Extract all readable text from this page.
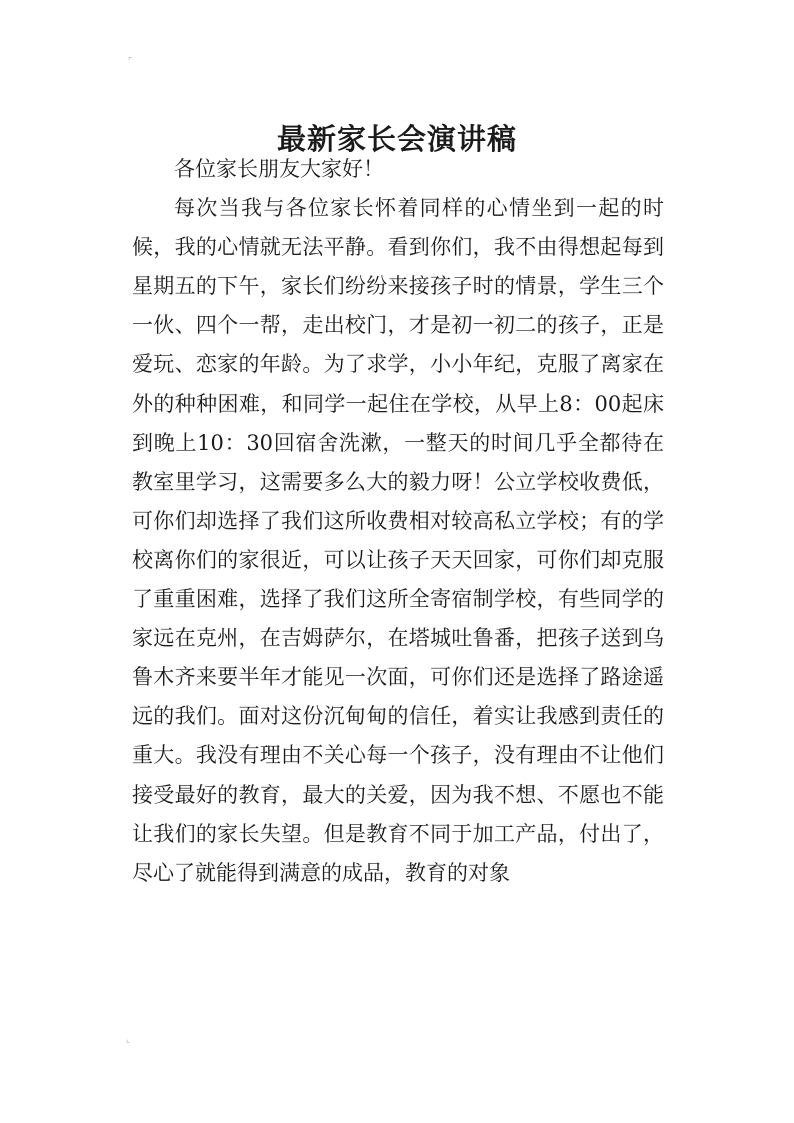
⌜
⌞
最新家长会演讲稿

各位家长朋友大家好！

每次当我与各位家长怀着同样的心情坐到一起的时候，我的心情就无法平静。看到你们，我不由得想起每到星期五的下午，家长们纷纷来接孩子时的情景，学生三个一伙、四个一帮，走出校门，才是初一初二的孩子，正是爱玩、恋家的年龄。为了求学，小小年纪，克服了离家在外的种种困难，和同学一起住在学校，从早上8：00起床到晚上10：30回宿舍洗漱，一整天的时间几乎全都待在教室里学习，这需要多么大的毅力呀！公立学校收费低，可你们却选择了我们这所收费相对较高私立学校；有的学校离你们的家很近，可以让孩子天天回家，可你们却克服了重重困难，选择了我们这所全寄宿制学校，有些同学的家远在克州，在吉姆萨尔，在塔城吐鲁番，把孩子送到乌鲁木齐来要半年才能见一次面，可你们还是选择了路途遥远的我们。面对这份沉甸甸的信任，着实让我感到责任的重大。我没有理由不关心每一个孩子，没有理由不让他们接受最好的教育，最大的关爱，因为我不想、不愿也不能让我们的家长失望。但是教育不同于加工产品，付出了，尽心了就能得到满意的成品，教育的对象
